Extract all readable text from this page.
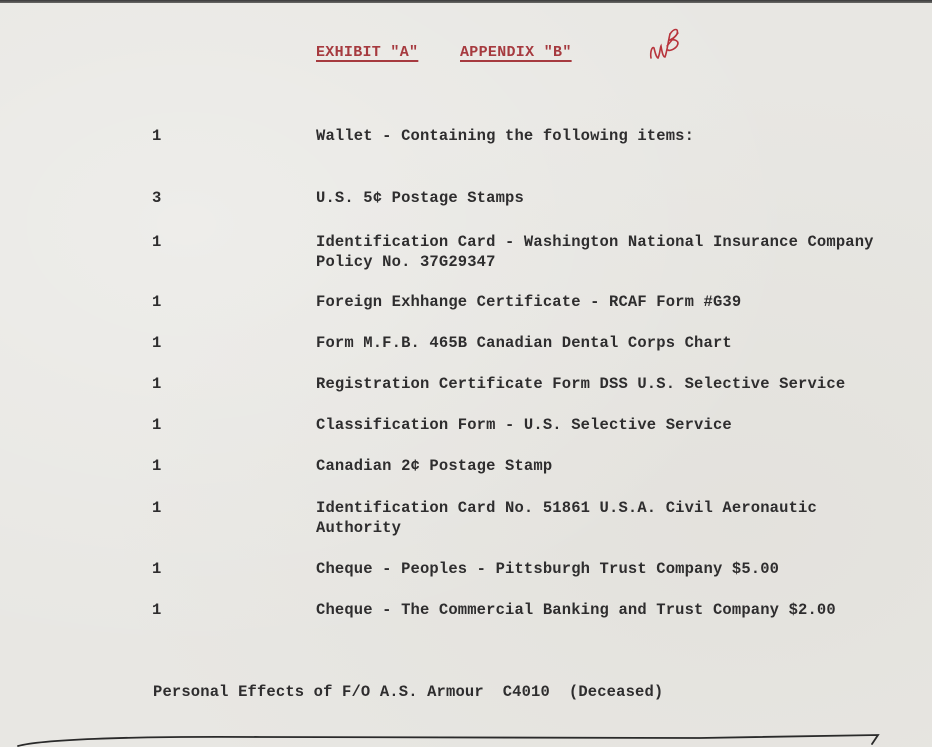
EXHIBIT "A"	APPENDIX "B"
1	Wallet - Containing the following items:
3	U.S. 5¢ Postage Stamps
1	Identification Card - Washington National Insurance Company
Policy No. 37G29347
1	Foreign Exhhange Certificate - RCAF Form #G39
1	Form M.F.B. 465B Canadian Dental Corps Chart
1	Registration Certificate Form DSS U.S. Selective Service
1	Classification Form - U.S. Selective Service
1	Canadian 2¢ Postage Stamp
1	Identification Card No. 51861 U.S.A. Civil Aeronautic
Authority
1	Cheque - Peoples - Pittsburgh Trust Company $5.00
1	Cheque - The Commercial Banking and Trust Company $2.00
Personal Effects of F/O A.S. Armour  C4010  (Deceased)
